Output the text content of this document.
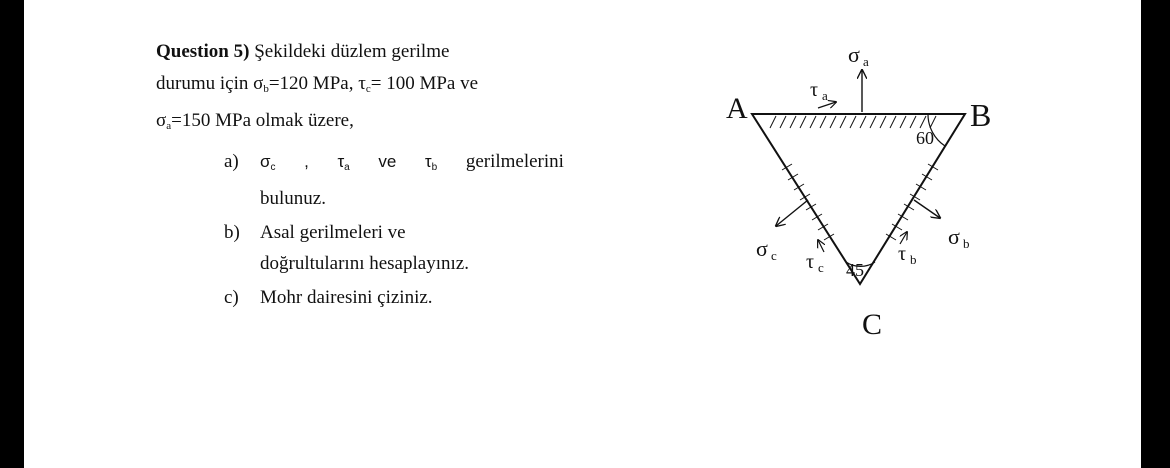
Question 5) Şekildeki düzlem gerilme
durumu için $\sigma_b=120$ MPa, $\tau_c= 100$ MPa ve
$\sigma_a=150$ MPa olmak üzere,
a) $\sigma_c$ , $\tau_a$ ve $\tau_b$ gerilmelerini
bulunuz.
b) Asal gerilmeleri ve
doğrultularını hesaplayınız.
c) Mohr dairesini çiziniz.
A	B
C
60
45
σ a
τ a
σ b
τ b
σ c τ c
